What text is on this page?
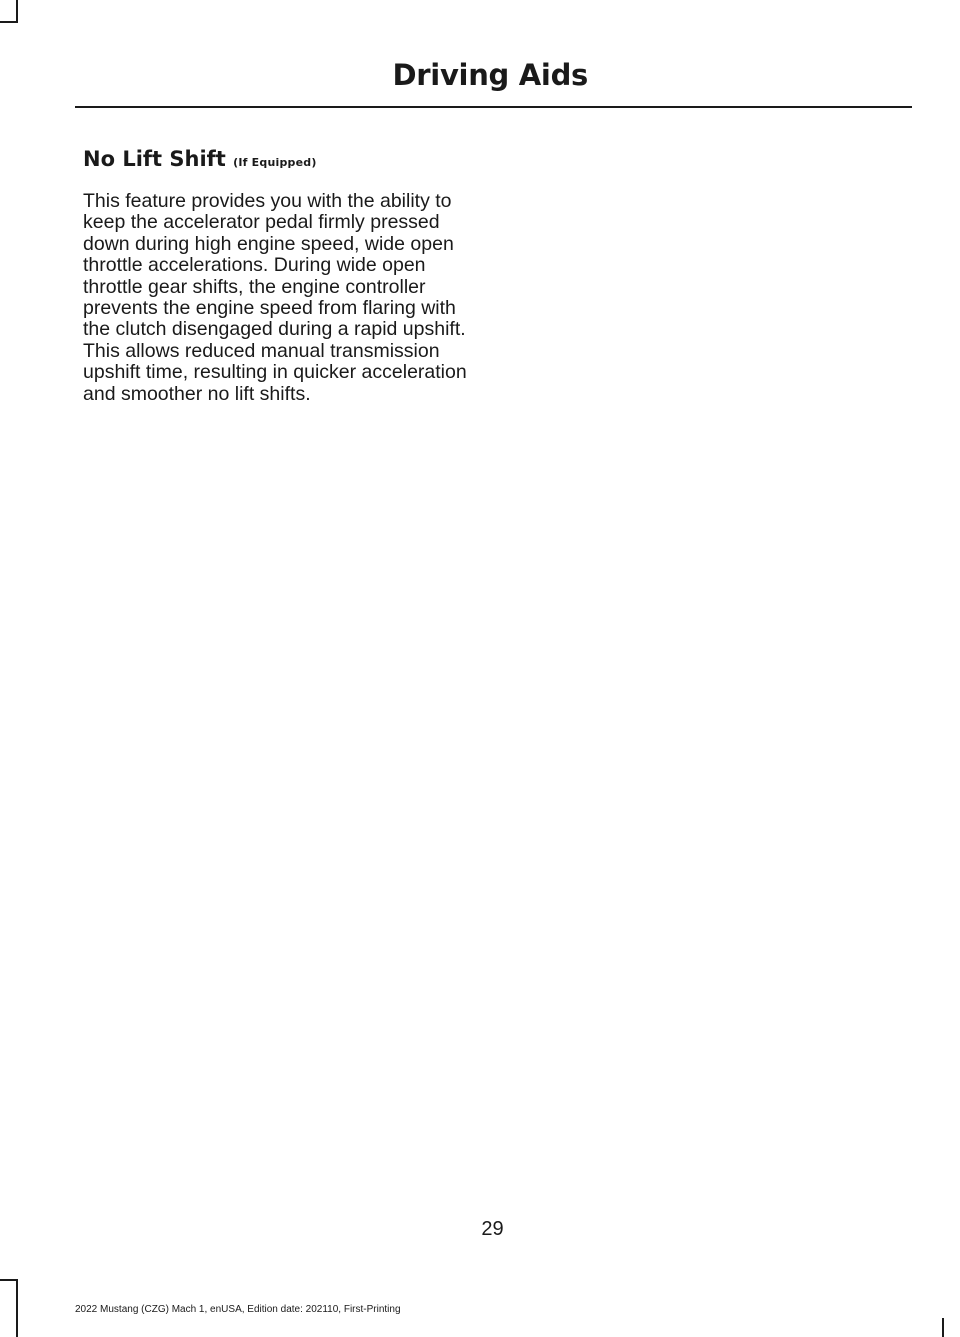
Driving Aids
No Lift Shift (If Equipped)

This feature provides you with the ability to keep the accelerator pedal firmly pressed down during high engine speed, wide open throttle accelerations. During wide open throttle gear shifts, the engine controller prevents the engine speed from flaring with the clutch disengaged during a rapid upshift. This allows reduced manual transmission upshift time, resulting in quicker acceleration and smoother no lift shifts.

29
2022 Mustang (CZG) Mach 1, enUSA, Edition date: 202110, First-Printing
